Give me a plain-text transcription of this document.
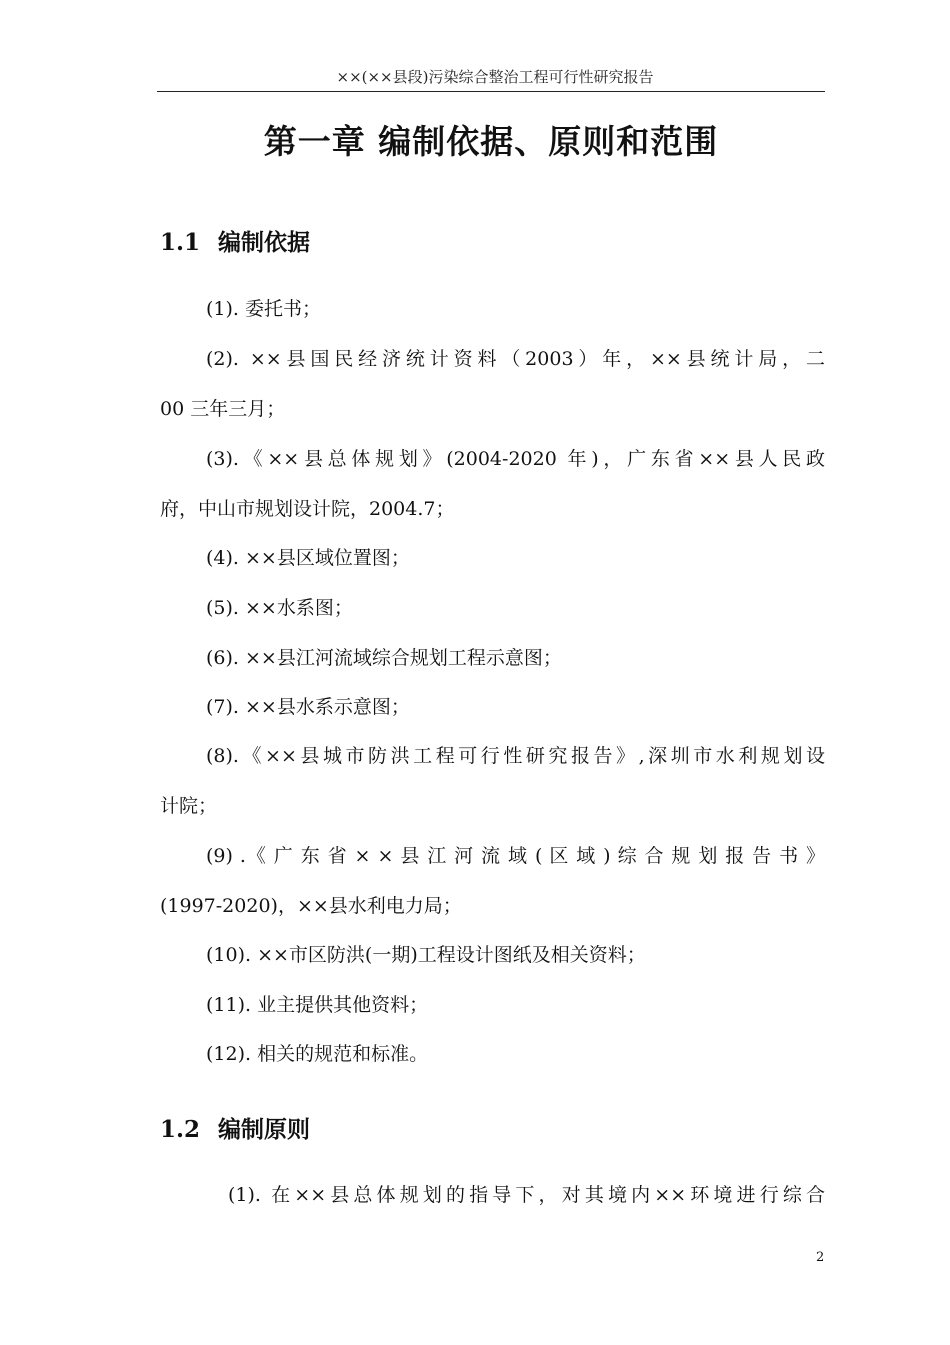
××(××县段)污染综合整治工程可行性研究报告
第一章 编制依据、原则和范围
1.1 编制依据
(1). 委托书；
(2). ××县国民经济统计资料（2003）年，××县统计局，二
00 三年三月；
(3).《××县总体规划》(2004-2020 年)，广东省××县人民政
府，中山市规划设计院，2004.7；
(4). ××县区域位置图；
(5). ××水系图；
(6). ××县江河流域综合规划工程示意图；
(7). ××县水系示意图；
(8).《××县城市防洪工程可行性研究报告》,深圳市水利规划设
计院；
(9) .《 广 东 省 × × 县 江 河 流 域 ( 区 域 ) 综 合 规 划 报 告 书 》
(1997-2020)，××县水利电力局；
(10). ××市区防洪(一期)工程设计图纸及相关资料；
(11). 业主提供其他资料；
(12). 相关的规范和标准。
1.2 编制原则
(1). 在××县总体规划的指导下，对其境内××环境进行综合
2
